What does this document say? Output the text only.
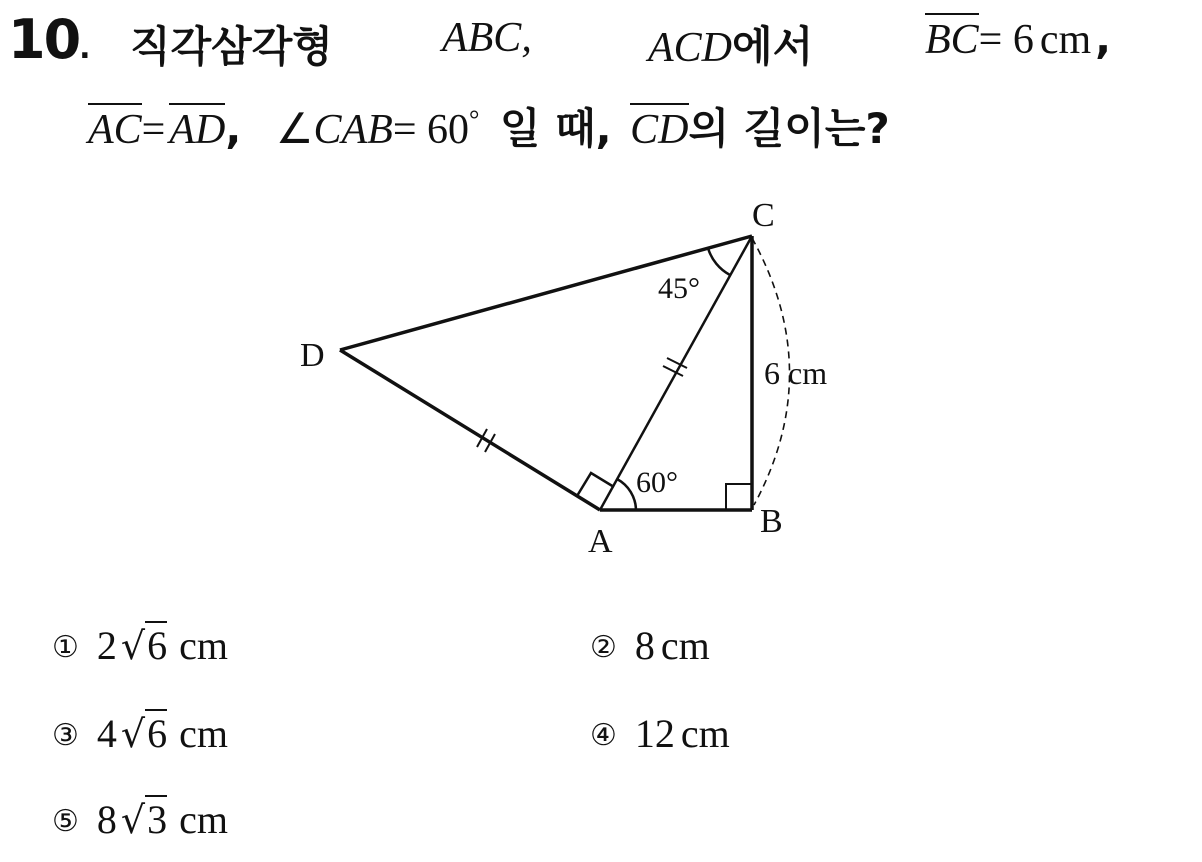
10. 직각삼각형	ABC,	ACD에서	BC= 6 cm,
AC=AD, ∠CAB= 60° 일 때, CD의 길이는?
C
D
A
B
45°
60°
6 cm
① 2 √6 cm	② 8 cm
③ 4 √6 cm	④ 12 cm
⑤ 8 √3 cm
